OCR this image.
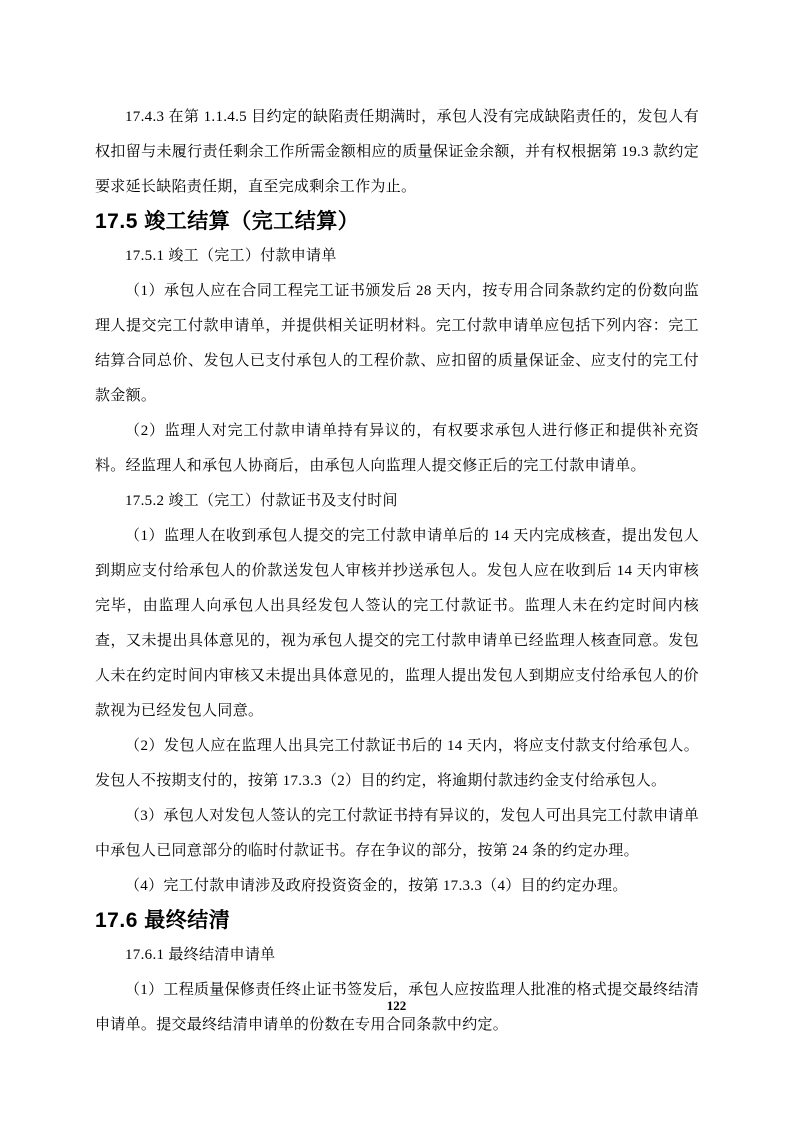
17.4.3 在第 1.1.4.5 目约定的缺陷责任期满时，承包人没有完成缺陷责任的，发包人有权扣留与未履行责任剩余工作所需金额相应的质量保证金余额，并有权根据第 19.3 款约定要求延长缺陷责任期，直至完成剩余工作为止。

17.5 竣工结算（完工结算）

17.5.1 竣工（完工）付款申请单

（1）承包人应在合同工程完工证书颁发后 28 天内，按专用合同条款约定的份数向监理人提交完工付款申请单，并提供相关证明材料。完工付款申请单应包括下列内容：完工结算合同总价、发包人已支付承包人的工程价款、应扣留的质量保证金、应支付的完工付款金额。

（2）监理人对完工付款申请单持有异议的，有权要求承包人进行修正和提供补充资料。经监理人和承包人协商后，由承包人向监理人提交修正后的完工付款申请单。

17.5.2 竣工（完工）付款证书及支付时间

（1）监理人在收到承包人提交的完工付款申请单后的 14 天内完成核查，提出发包人到期应支付给承包人的价款送发包人审核并抄送承包人。发包人应在收到后 14 天内审核完毕，由监理人向承包人出具经发包人签认的完工付款证书。监理人未在约定时间内核查，又未提出具体意见的，视为承包人提交的完工付款申请单已经监理人核查同意。发包人未在约定时间内审核又未提出具体意见的，监理人提出发包人到期应支付给承包人的价款视为已经发包人同意。

（2）发包人应在监理人出具完工付款证书后的 14 天内，将应支付款支付给承包人。发包人不按期支付的，按第 17.3.3（2）目的约定，将逾期付款违约金支付给承包人。

（3）承包人对发包人签认的完工付款证书持有异议的，发包人可出具完工付款申请单中承包人已同意部分的临时付款证书。存在争议的部分，按第 24 条的约定办理。

（4）完工付款申请涉及政府投资资金的，按第 17.3.3（4）目的约定办理。

17.6 最终结清

17.6.1 最终结清申请单

（1）工程质量保修责任终止证书签发后，承包人应按监理人批准的格式提交最终结清申请单。提交最终结清申请单的份数在专用合同条款中约定。

122
